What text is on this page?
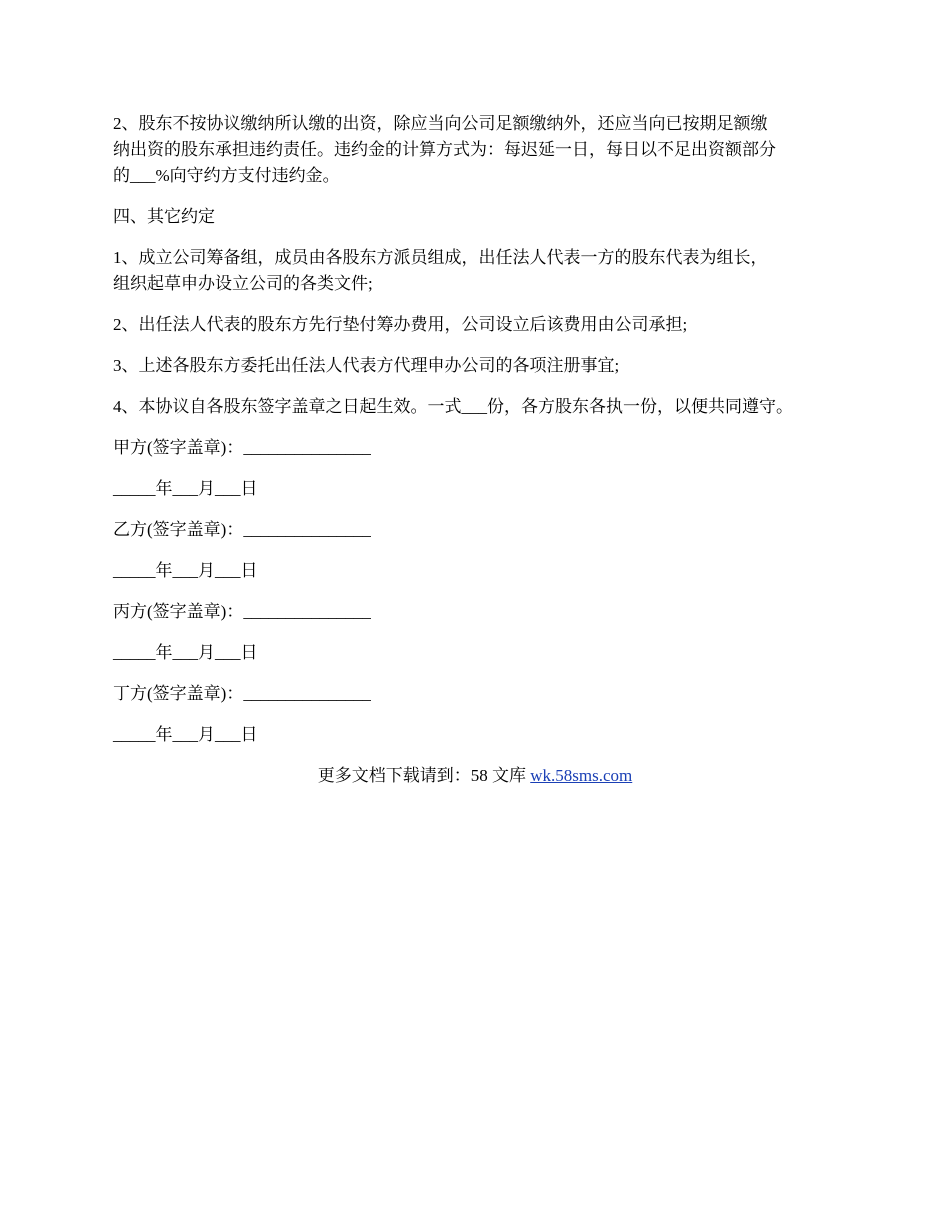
2、股东不按协议缴纳所认缴的出资，除应当向公司足额缴纳外，还应当向已按期足额缴
纳出资的股东承担违约责任。违约金的计算方式为：每迟延一日，每日以不足出资额部分
的___%向守约方支付违约金。

四、其它约定

1、成立公司筹备组，成员由各股东方派员组成，出任法人代表一方的股东代表为组长，
组织起草申办设立公司的各类文件;

2、出任法人代表的股东方先行垫付筹办费用，公司设立后该费用由公司承担;

3、上述各股东方委托出任法人代表方代理申办公司的各项注册事宜;

4、本协议自各股东签字盖章之日起生效。一式___份，各方股东各执一份，以便共同遵守。

甲方(签字盖章)：_______________

_____年___月___日

乙方(签字盖章)：_______________

_____年___月___日

丙方(签字盖章)：_______________

_____年___月___日

丁方(签字盖章)：_______________

_____年___月___日

更多文档下载请到：58 文库 wk.58sms.com
